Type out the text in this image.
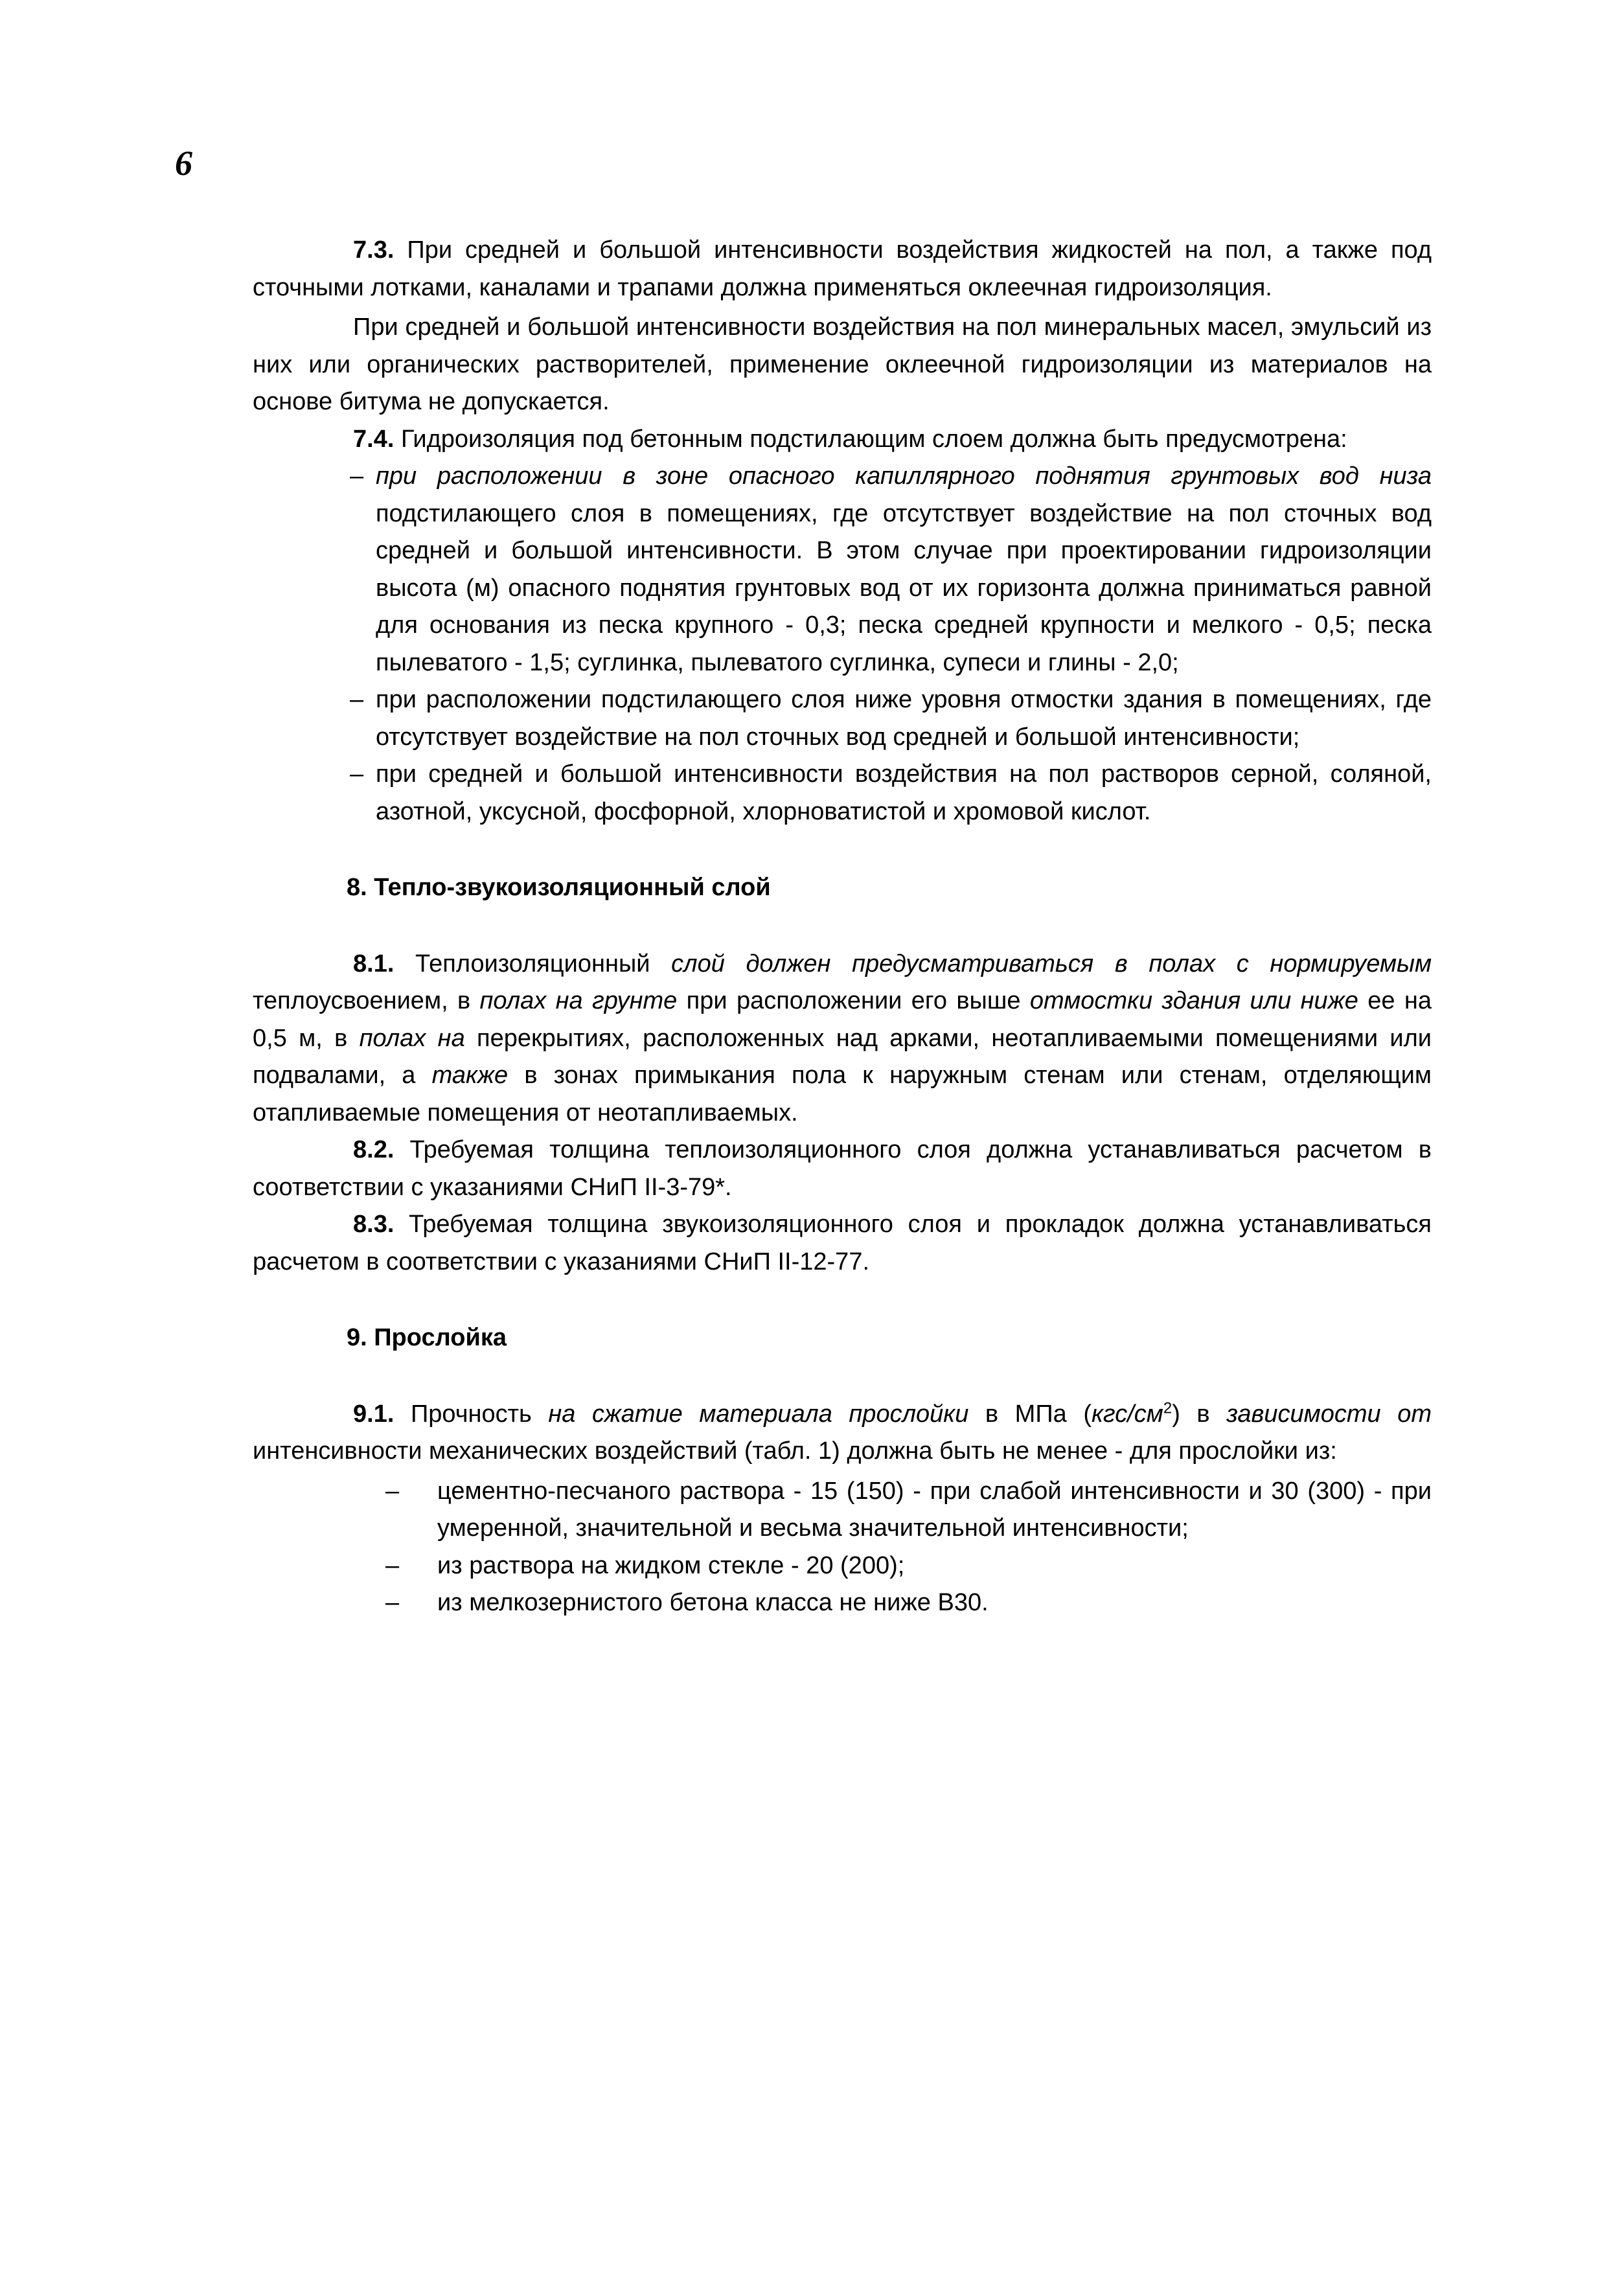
6

7.3. При средней и большой интенсивности воздействия жидкостей на пол, а также под сточными лотками, каналами и трапами должна применяться оклеечная гидроизоляция.

При средней и большой интенсивности воздействия на пол минеральных масел, эмульсий из них или органических растворителей, применение оклеечной гидроизоляции из материалов на основе битума не допускается.

7.4. Гидроизоляция под бетонным подстилающим слоем должна быть предусмотрена:

– при расположении в зоне опасного капиллярного поднятия грунтовых вод низа подстилающего слоя в помещениях, где отсутствует воздействие на пол сточных вод средней и большой интенсивности. В этом случае при проектировании гидроизоляции высота (м) опасного поднятия грунтовых вод от их горизонта должна приниматься равной для основания из песка крупного - 0,3; песка средней крупности и мелкого - 0,5; песка пылеватого - 1,5; суглинка, пылеватого суглинка, супеси и глины - 2,0;
– при расположении подстилающего слоя ниже уровня отмостки здания в помещениях, где отсутствует воздействие на пол сточных вод средней и большой интенсивности;
– при средней и большой интенсивности воздействия на пол растворов серной, соляной, азотной, уксусной, фосфорной, хлорноватистой и хромовой кислот.
8. Тепло-звукоизоляционный слой

8.1. Теплоизоляционный слой должен предусматриваться в полах с нормируемым теплоусвоением, в полах на грунте при расположении его выше отмостки здания или ниже ее на 0,5 м, в полах на перекрытиях, расположенных над арками, неотапливаемыми помещениями или подвалами, а также в зонах примыкания пола к наружным стенам или стенам, отделяющим отапливаемые помещения от неотапливаемых.

8.2. Требуемая толщина теплоизоляционного слоя должна устанавливаться расчетом в соответствии с указаниями СНиП II-3-79*.

8.3. Требуемая толщина звукоизоляционного слоя и прокладок должна устанавливаться расчетом в соответствии с указаниями СНиП II-12-77.

9. Прослойка

9.1. Прочность на сжатие материала прослойки в МПа $(кгс/см^2)$ в зависимости от интенсивности механических воздействий (табл. 1) должна быть не менее - для прослойки из:

– цементно-песчаного раствора - 15 (150) - при слабой интенсивности и 30 (300) - при умеренной, значительной и весьма значительной интенсивности;
– из раствора на жидком стекле - 20 (200);
– из мелкозернистого бетона класса не ниже В30.
